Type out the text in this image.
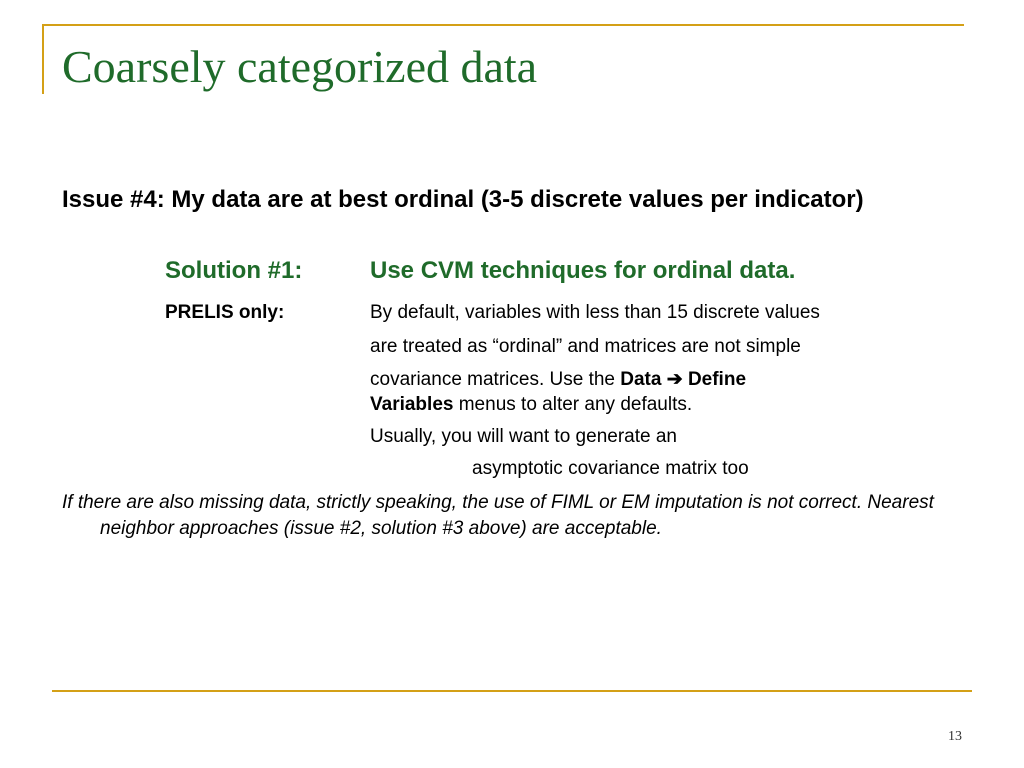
Coarsely categorized data
Issue #4: My data are at best ordinal (3-5 discrete values per indicator)
Solution #1:	Use CVM techniques for ordinal data.
PRELIS only:	By default, variables with less than 15 discrete values
are treated as “ordinal” and matrices are not simple
covariance matrices. Use the Data ➔ Define
Variables menus to alter any defaults.
Usually, you will want to generate an
asymptotic covariance matrix too
If there are also missing data, strictly speaking, the use of FIML or EM imputation is not correct. Nearest neighbor approaches (issue #2, solution #3 above) are acceptable.
13
